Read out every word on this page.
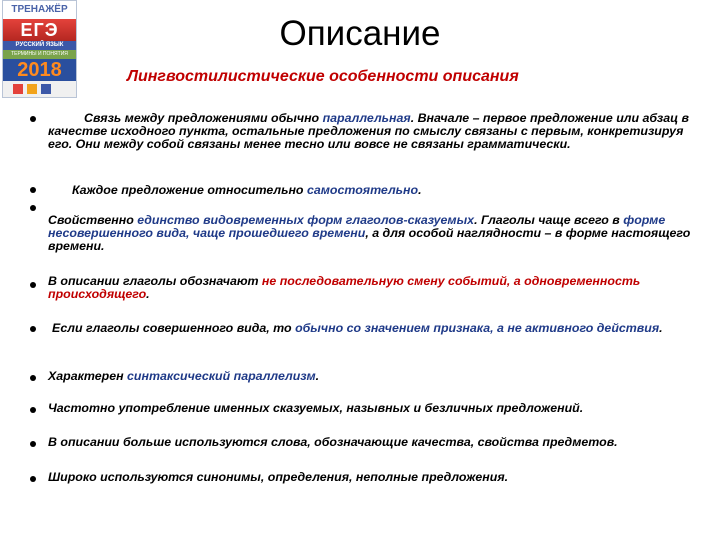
ТРЕНАЖЁР
ЕГЭ
РУССКИЙ ЯЗЫК
ТЕРМИНЫ И ПОНЯТИЯ
2018
Описание
Лингвостилистические особенности описания
Связь между предложениями обычно параллельная. Вначале – первое предложение или абзац в качестве исходного пункта, остальные предложения по смыслу связаны с первым, конкретизируя его. Они между собой связаны менее тесно или вовсе не связаны грамматически.
Каждое предложение относительно самостоятельно.
Свойственно единство видовременных форм глаголов-сказуемых. Глаголы чаще всего в форме несовершенного вида, чаще прошедшего времени, а для особой наглядности – в форме настоящего времени.
В описании глаголы обозначают не последовательную смену событий, а одновременность происходящего.
Если глаголы совершенного вида, то обычно со значением признака, а не активного действия.
Характерен синтаксический параллелизм.
Частотно употребление именных сказуемых, назывных и безличных предложений.
В описании больше используются слова, обозначающие качества, свойства предметов.
Широко используются синонимы, определения, неполные предложения.
